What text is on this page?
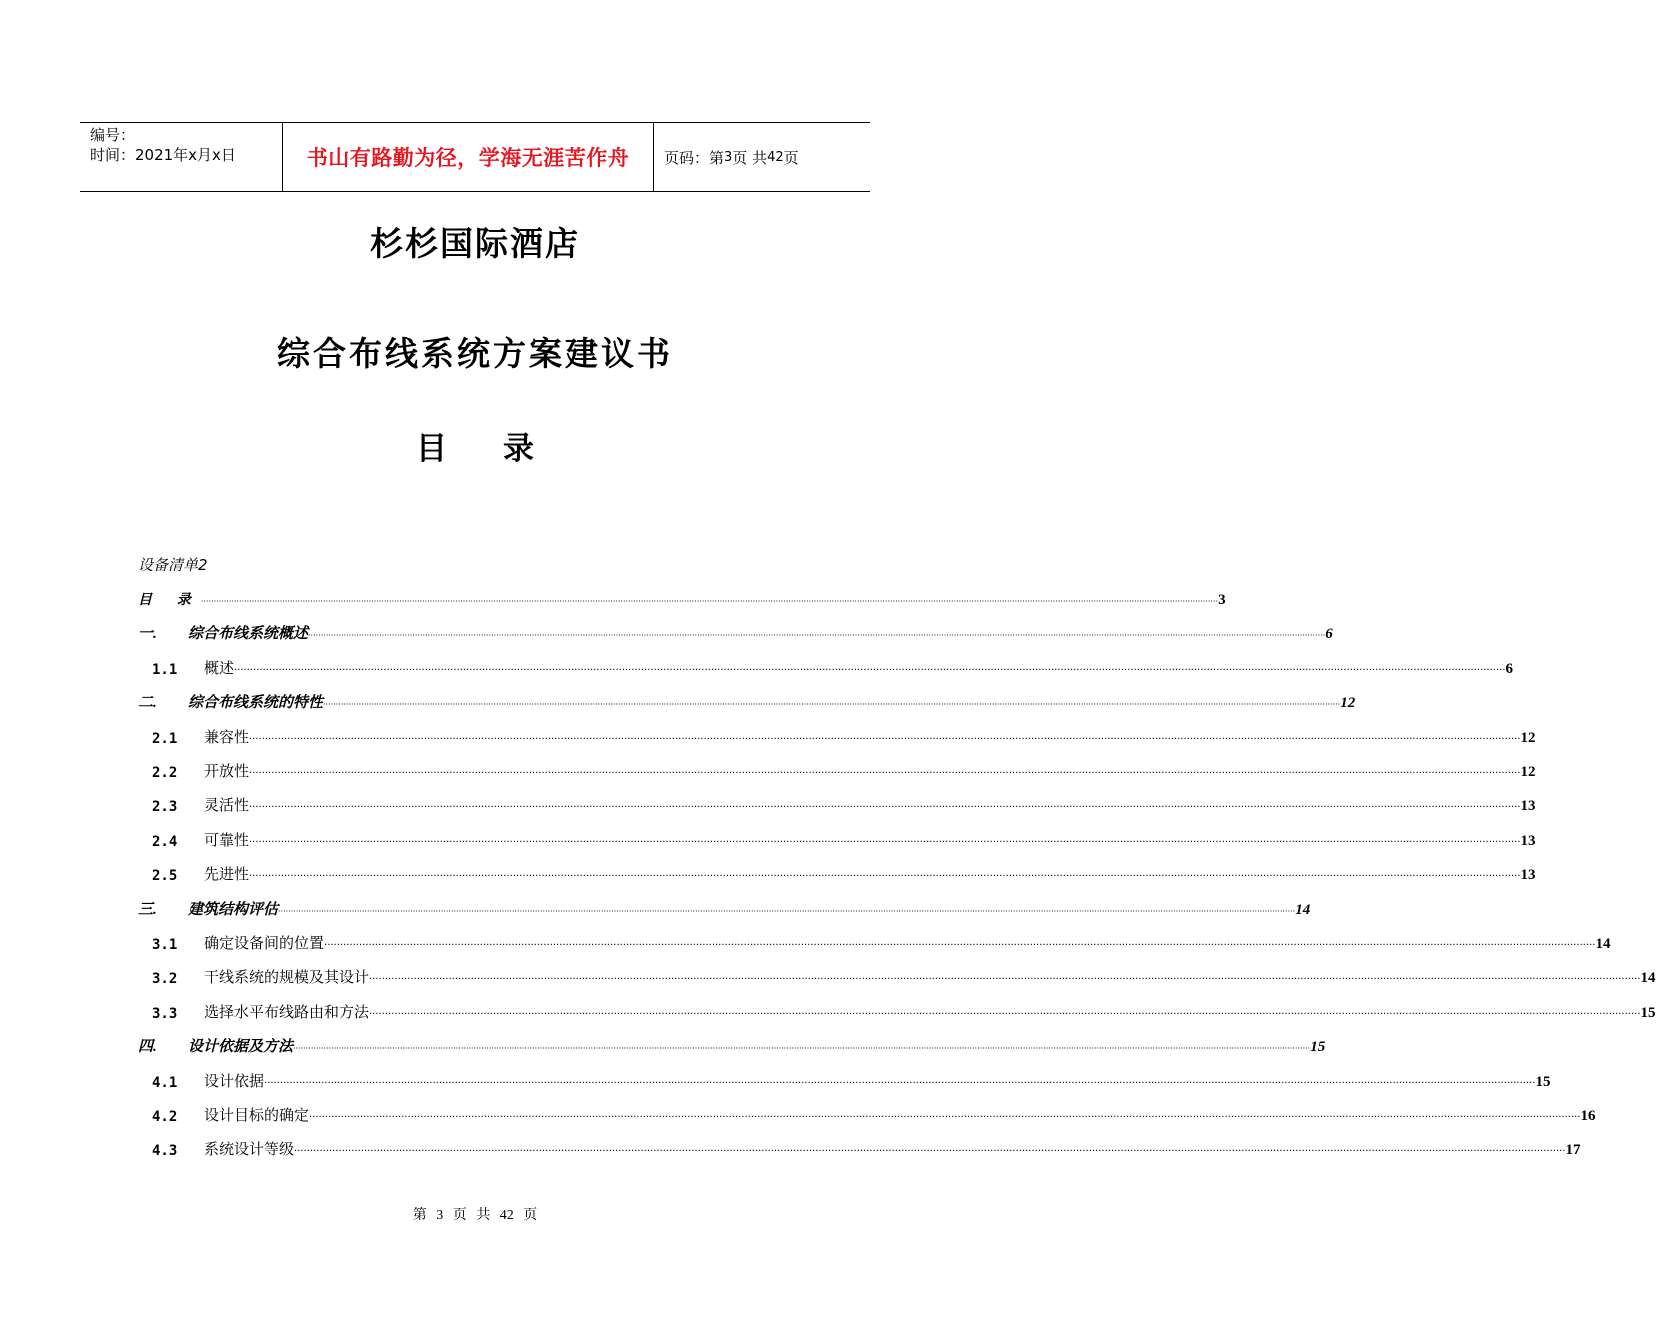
编号：
时间：2021年x月x日	书山有路勤为径，学海无涯苦作舟 页码：第 3 页 共 42 页
杉杉国际酒店
综合布线系统方案建议书
目 录
设备清单2
目 录 ················································································································································································································································································································································································································ 3
一.	综合布线系统概述 ················································································································································································································································································································································································································ 6
1.1	概述 ················································································································································································································································································································································································································ 6
二.	综合布线系统的特性 ················································································································································································································································································································································································································ 12
2.1	兼容性 ················································································································································································································································································································································································································ 12
2.2	开放性 ················································································································································································································································································································································································································ 12
2.3	灵活性 ················································································································································································································································································································································································································ 13
2.4	可靠性 ················································································································································································································································································································································································································ 13
2.5	先进性 ················································································································································································································································································································································································································ 13
三.	建筑结构评估 ················································································································································································································································································································································································································ 14
3.1	确定设备间的位置 ················································································································································································································································································································································································································ 14
3.2	干线系统的规模及其设计 ················································································································································································································································································································································································································ 14
3.3	选择水平布线路由和方法 ················································································································································································································································································································································································································ 15
四.	设计依据及方法 ················································································································································································································································································································································································································ 15
4.1	设计依据 ················································································································································································································································································································································································································ 15
4.2	设计目标的确定 ················································································································································································································································································································································································································ 16
4.3	系统设计等级 ················································································································································································································································································································································································································ 17
第 3 页 共 42 页
